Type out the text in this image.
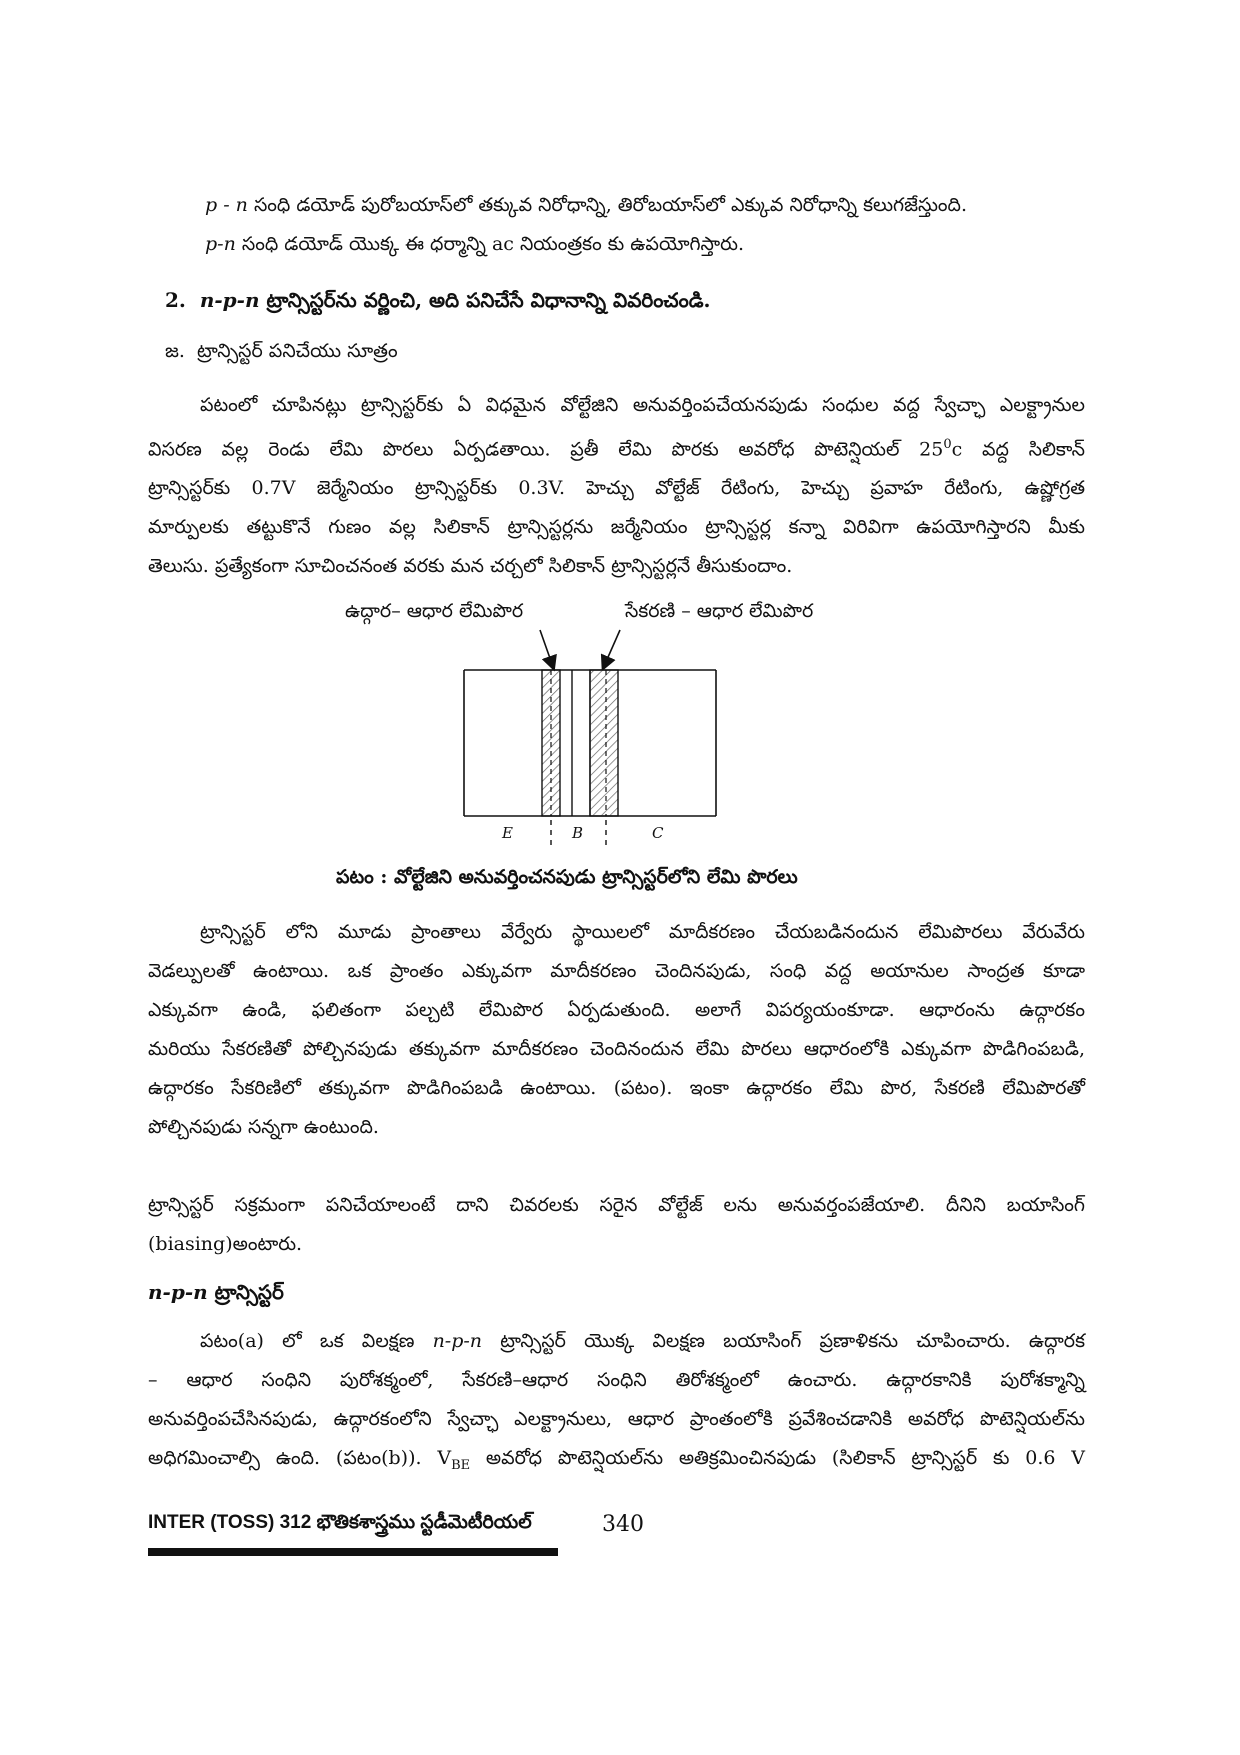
p - n సంధి డయోడ్ పురోబయాస్‌లో తక్కువ నిరోధాన్ని, తిరోబయాస్‌లో ఎక్కువ నిరోధాన్ని కలుగజేస్తుంది.
p-n సంధి డయోడ్ యొక్క ఈ ధర్మాన్ని ac నియంత్రకం కు ఉపయోగిస్తారు.
2. n-p-n ట్రాన్సిస్టర్‌ను వర్ణించి, అది పనిచేసే విధానాన్ని వివరించండి.
జ. ట్రాన్సిస్టర్ పనిచేయు సూత్రం
పటంలో చూపినట్లు ట్రాన్సిస్టర్‌కు ఏ విధమైన వోల్టేజిని అనువర్తింపచేయనపుడు సంధుల వద్ద స్వేచ్ఛా ఎలక్ట్రానుల
విసరణ వల్ల రెండు లేమి పొరలు ఏర్పడతాయి. ప్రతీ లేమి పొరకు అవరోధ పొటెన్షియల్ $25^0c$ వద్ద సిలికాన్
ట్రాన్సిస్టర్‌కు 0.7V జెర్మేనియం ట్రాన్సిస్టర్‌కు 0.3V. హెచ్చు వోల్టేజ్ రేటింగు, హెచ్చు ప్రవాహ రేటింగు, ఉష్ణోగ్రత
మార్పులకు తట్టుకొనే గుణం వల్ల సిలికాన్ ట్రాన్సిస్టర్లను జర్మేనియం ట్రాన్సిస్టర్ల కన్నా విరివిగా ఉపయోగిస్తారని మీకు
తెలుసు. ప్రత్యేకంగా సూచించనంత వరకు మన చర్చలో సిలికాన్ ట్రాన్సిస్టర్లనే తీసుకుందాం.
ఉద్గార– ఆధార లేమిపొర	సేకరణి – ఆధార లేమిపొర
E	B	C
పటం : వోల్టేజిని అనువర్తించనపుడు ట్రాన్సిస్టర్‌లోని లేమి పొరలు
ట్రాన్సిస్టర్ లోని మూడు ప్రాంతాలు వేర్వేరు స్థాయిలలో మాదీకరణం చేయబడినందున లేమిపొరలు వేరువేరు
వెడల్పులతో ఉంటాయి. ఒక ప్రాంతం ఎక్కువగా మాదీకరణం చెందినపుడు, సంధి వద్ద అయానుల సాంద్రత కూడా
ఎక్కువగా ఉండి, ఫలితంగా పల్చటి లేమిపొర ఏర్పడుతుంది. అలాగే విపర్యయంకూడా. ఆధారంను ఉద్గారకం
మరియు సేకరణితో పోల్చినపుడు తక్కువగా మాదీకరణం చెందినందున లేమి పొరలు ఆధారంలోకి ఎక్కువగా పొడిగింపబడి,
ఉద్గారకం సేకరిణిలో తక్కువగా పొడిగింపబడి ఉంటాయి. (పటం). ఇంకా ఉద్గారకం లేమి పొర, సేకరణి లేమిపొరతో
పోల్చినపుడు సన్నగా ఉంటుంది.
ట్రాన్సిస్టర్ సక్రమంగా పనిచేయాలంటే దాని చివరలకు సరైన వోల్టేజ్ లను అనువర్తంపజేయాలి. దీనిని బయాసింగ్
(biasing)అంటారు.
n-p-n ట్రాన్సిస్టర్
పటం(a) లో ఒక విలక్షణ n-p-n ట్రాన్సిస్టర్ యొక్క విలక్షణ బయాసింగ్ ప్రణాళికను చూపించారు. ఉద్గారక
– ఆధార సంధిని పురోశక్మంలో, సేకరణి–ఆధార సంధిని తిరోశక్మంలో ఉంచారు. ఉద్గారకానికి పురోశక్మాన్ని
అనువర్తింపచేసినపుడు, ఉద్గారకంలోని స్వేచ్ఛా ఎలక్ట్రానులు, ఆధార ప్రాంతంలోకి ప్రవేశించడానికి అవరోధ పొటెన్షియల్‌ను
అధిగమించాల్సి ఉంది. (పటం(b)). $V_{BE}$ అవరోధ పొటెన్షియల్‌ను అతిక్రమించినపుడు (సిలికాన్ ట్రాన్సిస్టర్ కు 0.6 V
INTER (TOSS) 312 భౌతికశాస్త్రము స్టడీమెటీరియల్	340
